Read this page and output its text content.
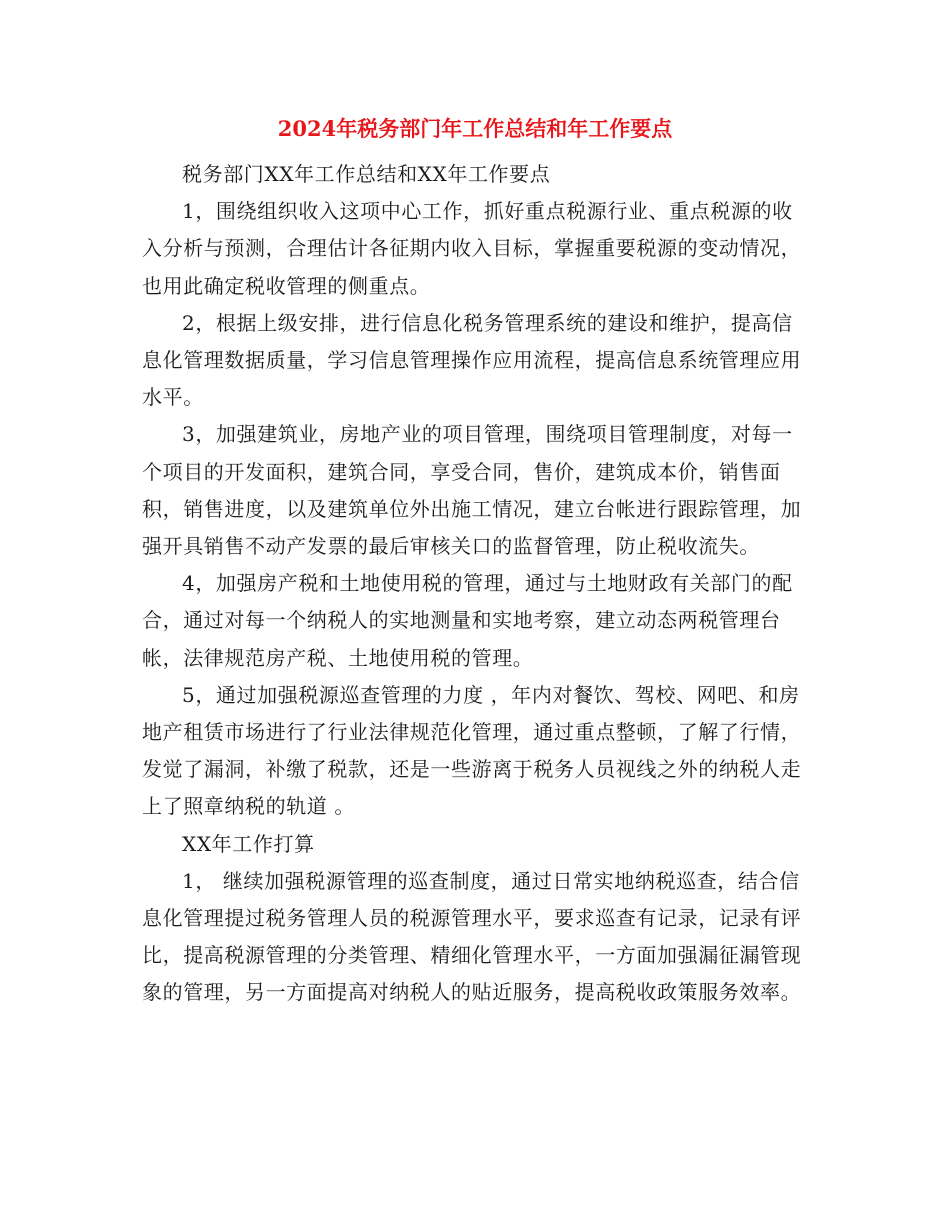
2024年税务部门年工作总结和年工作要点

税务部门XX年工作总结和XX年工作要点

1，围绕组织收入这项中心工作，抓好重点税源行业、重点税源的收入分析与预测，合理估计各征期内收入目标，掌握重要税源的变动情况，也用此确定税收管理的侧重点。

2，根据上级安排，进行信息化税务管理系统的建设和维护，提高信息化管理数据质量，学习信息管理操作应用流程，提高信息系统管理应用水平。

3，加强建筑业，房地产业的项目管理，围绕项目管理制度，对每一个项目的开发面积，建筑合同，享受合同，售价，建筑成本价，销售面积，销售进度，以及建筑单位外出施工情况，建立台帐进行跟踪管理，加强开具销售不动产发票的最后审核关口的监督管理，防止税收流失。

4，加强房产税和土地使用税的管理，通过与土地财政有关部门的配合，通过对每一个纳税人的实地测量和实地考察，建立动态两税管理台帐，法律规范房产税、土地使用税的管理。

5，通过加强税源巡查管理的力度 ，年内对餐饮、驾校、网吧、和房地产租赁市场进行了行业法律规范化管理，通过重点整顿，了解了行情，发觉了漏洞，补缴了税款，还是一些游离于税务人员视线之外的纳税人走上了照章纳税的轨道 。

XX年工作打算

1， 继续加强税源管理的巡查制度，通过日常实地纳税巡查，结合信息化管理提过税务管理人员的税源管理水平，要求巡查有记录，记录有评比，提高税源管理的分类管理、精细化管理水平，一方面加强漏征漏管现象的管理，另一方面提高对纳税人的贴近服务，提高税收政策服务效率。
